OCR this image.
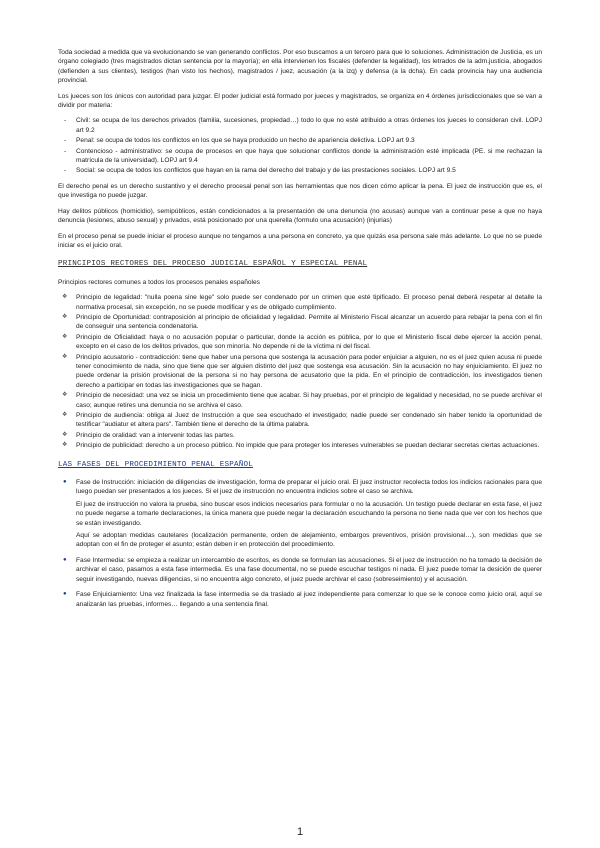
Toda sociedad a medida que va evolucionando se van generando conflictos. Por eso buscamos a un tercero para que lo soluciones. Administración de Justicia, es un órgano colegiado (tres magistrados dictan sentencia por la mayoría); en ella intervienen los fiscales (defender la legalidad), los letrados de la adm.justicia, abogados (defienden a sus clientes), testigos (han visto los hechos), magistrados / juez, acusación (a la izq) y defensa (a la dcha). En cada provincia hay una audiencia provincial.

Los jueces son los únicos con autoridad para juzgar. El poder judicial está formado por jueces y magistrados, se organiza en 4 órdenes jurisdiccionales que se van a dividir por materia:

- Civil: se ocupa de los derechos privados (familia, sucesiones, propiedad…) todo lo que no esté atribuido a otras órdenes los jueces lo consideran civil. LOPJ art 9.2
- Penal: se ocupa de todos los conflictos en los que se haya producido un hecho de apariencia delictiva. LOPJ art 9.3
- Contencioso - administrativo: se ocupa de procesos en que haya que solucionar conflictos donde la administración esté implicada (PE. si me rechazan la matrícula de la universidad). LOPJ art 9.4
- Social: se ocupa de todos los conflictos que hayan en la rama del derecho del trabajo y de las prestaciones sociales. LOPJ art 9.5

El derecho penal es un derecho sustantivo y el derecho procesal penal son las herramientas que nos dicen cómo aplicar la pena. El juez de instrucción que es, el que investiga no puede juzgar.

Hay delitos públicos (homicidio), semipúblicos, están condicionados a la presentación de una denuncia (no acusas) aunque van a continuar pese a que no haya denuncia (lesiones, abuso sexual) y privados, está posicionado por una querella (formulo una acusación) (injurias)

En el proceso penal se puede iniciar el proceso aunque no tengamos a una persona en concreto, ya que quizás esa persona sale más adelante. Lo que no se puede iniciar es el juicio oral.

PRINCIPIOS RECTORES DEL PROCESO JUDICIAL ESPAÑOL Y ESPECIAL PENAL

Principios rectores comunes a todos los procesos penales españoles

❖ Principio de legalidad: "nulla poena sine lege" solo puede ser condenado por un crimen que esté tipificado. El proceso penal deberá respetar al detalle la normativa procesal, sin excepción, no se puede modificar y es de obligado cumplimiento.
❖ Principio de Oportunidad: contraposición al principio de oficialidad y legalidad. Permite al Ministerio Fiscal alcanzar un acuerdo para rebajar la pena con el fin de conseguir una sentencia condenatoria.
❖ Principio de Oficialidad: haya o no acusación popular o particular, donde la acción es pública, por lo que el Ministerio fiscal debe ejercer la acción penal, excepto en el caso de los delitos privados, que son minoría. No depende ni de la víctima ni del fiscal.
❖ Principio acusatorio - contradicción: tiene que haber una persona que sostenga la acusación para poder enjuiciar a alguien, no es el juez quien acusa ni puede tener conocimiento de nada, sino que tiene que ser alguien distinto del juez que sostenga esa acusación. Sin la acusación no hay enjuiciamiento. El juez no puede ordenar la prisión provisional de la persona si no hay persona de acusatorio que la pida. En el principio de contradicción, los investigados tienen derecho a participar en todas las investigaciones que se hagan.
❖ Principio de necesidad: una vez se inicia un procedimiento tiene que acabar. Si hay pruebas, por el principio de legalidad y necesidad, no se puede archivar el caso; aunque retires una denuncia no se archiva el caso.
❖ Principio de audiencia: obliga al Juez de Instrucción a que sea escuchado el investigado; nadie puede ser condenado sin haber tenido la oportunidad de testificar "audiatur et altera pars". También tiene el derecho de la última palabra.
❖ Principio de oralidad: van a intervenir todas las partes.
❖ Principio de publicidad: derecho a un proceso público. No impide que para proteger los intereses vulnerables se puedan declarar secretas ciertas actuaciones.
LAS FASES DEL PROCEDIMIENTO PENAL ESPAÑOL
● Fase de Instrucción: iniciación de diligencias de investigación, forma de preparar el juicio oral. El juez instructor recolecta todos los indicios racionales para que luego puedan ser presentados a los jueces. Si el juez de instrucción no encuentra indicios sobre el caso se archiva.

El juez de instrucción no valora la prueba, sino buscar esos indicios necesarios para formular o no la acusación. Un testigo puede declarar en esta fase, el juez no puede negarse a tomarle declaraciones, la única manera que puede negar la declaración escuchando la persona no tiene nada que ver con los hechos que se están investigando.

Aquí se adoptan medidas cautelares (localización permanente, orden de alejamiento, embargos preventivos, prisión provisional…), son medidas que se adoptan con el fin de proteger el asunto; están deben ir en protección del procedimiento.

● Fase Intermedia: se empieza a realizar un intercambio de escritos, es donde se formulan las acusaciones. Si el juez de instrucción no ha tomado la decisión de archivar el caso, pasamos a esta fase intermedia. Es una fase documental, no se puede escuchar testigos ni nada. El juez puede tomar la desición de querer seguir investigando, nuevas diligencias, si no encuentra algo concreto, el juez puede archivar el caso (sobreseimiento) y el acusación.
● Fase Enjuiciamiento: Una vez finalizada la fase intermedia se da traslado al juez independiente para comenzar lo que se le conoce como juicio oral, aquí se analizarán las pruebas, informes… llegando a una sentencia final.
1
